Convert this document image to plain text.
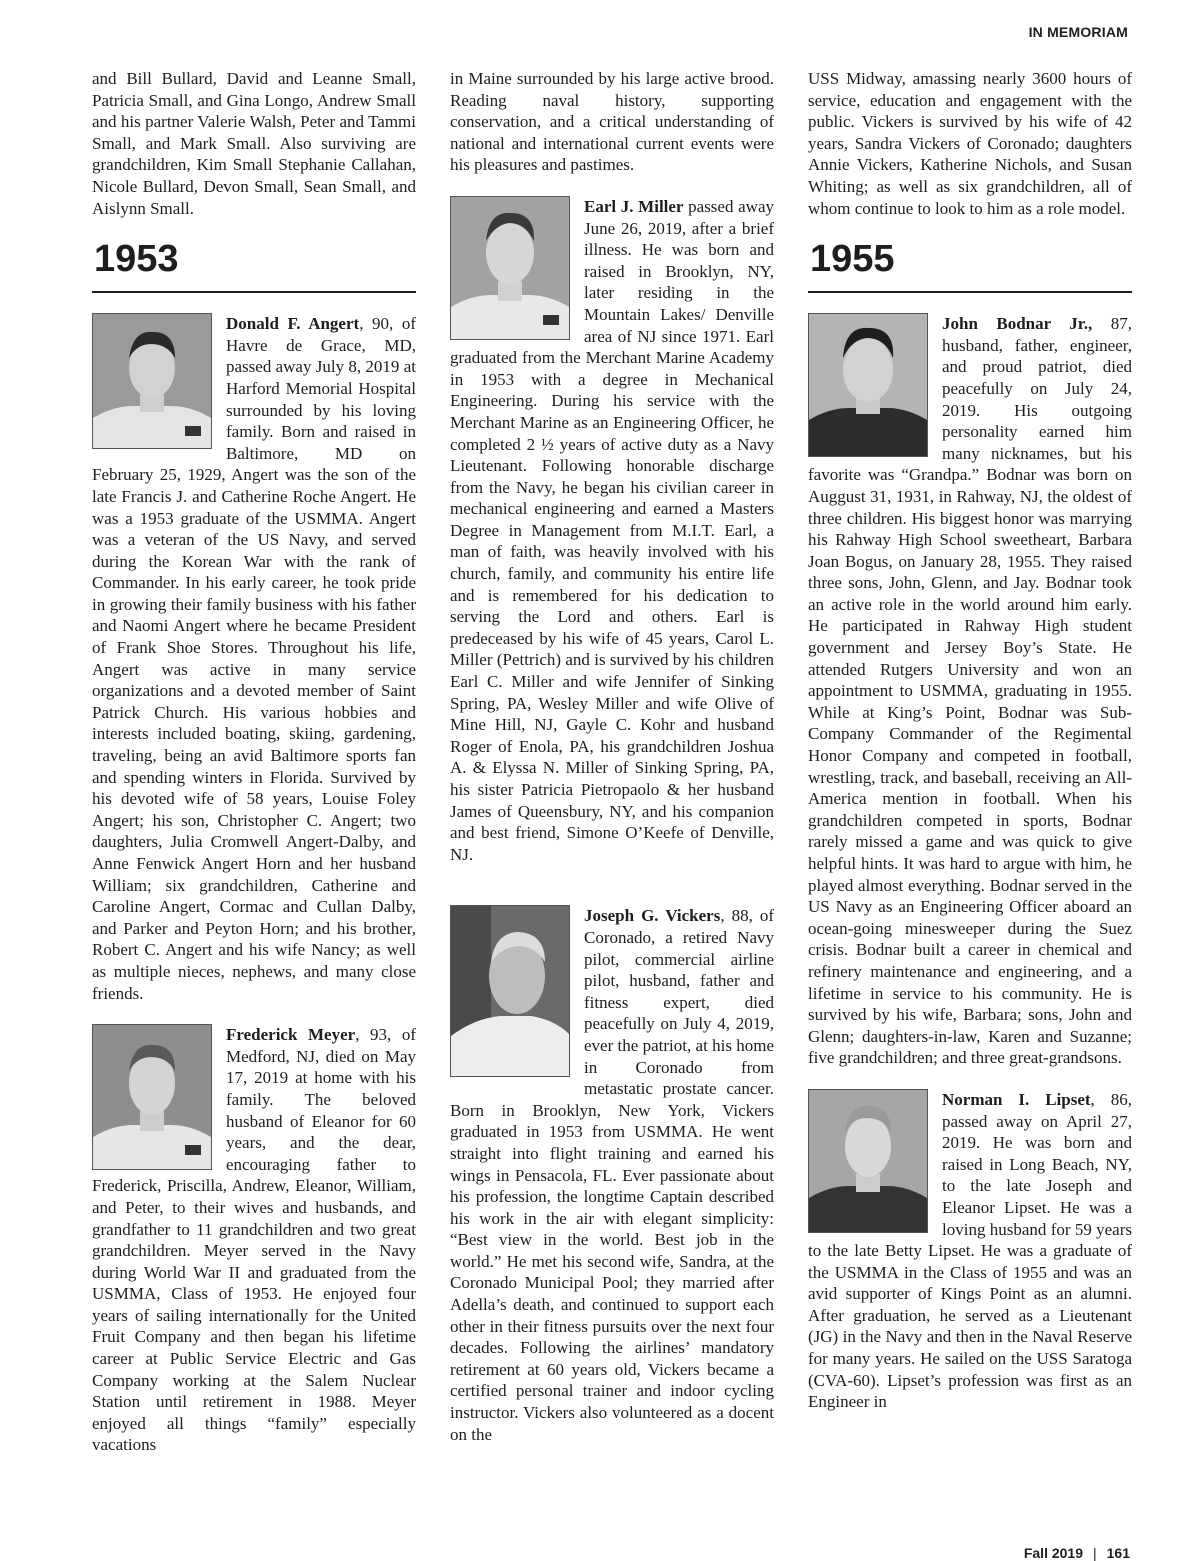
IN MEMORIAM

and Bill Bullard, David and Leanne Small, Patricia Small, and Gina Longo, Andrew Small and his partner Valerie Walsh, Peter and Tammi Small, and Mark Small. Also surviving are grandchildren, Kim Small Stephanie Callahan, Nicole Bullard, Devon Small, Sean Small, and Aislynn Small.

1953

Donald F. Angert, 90, of Havre de Grace, MD, passed away July 8, 2019 at Harford Memorial Hospital surrounded by his loving family. Born and raised in Baltimore, MD on February 25, 1929, Angert was the son of the late Francis J. and Catherine Roche Angert. He was a 1953 graduate of the USMMA. Angert was a veteran of the US Navy, and served during the Korean War with the rank of Commander. In his early career, he took pride in growing their family business with his father and Naomi Angert where he became President of Frank Shoe Stores. Throughout his life, Angert was active in many service organizations and a devoted member of Saint Patrick Church. His various hobbies and interests included boating, skiing, gardening, traveling, being an avid Baltimore sports fan and spending winters in Florida. Survived by his devoted wife of 58 years, Louise Foley Angert; his son, Christopher C. Angert; two daughters, Julia Cromwell Angert-Dalby, and Anne Fenwick Angert Horn and her husband William; six grandchildren, Catherine and Caroline Angert, Cormac and Cullan Dalby, and Parker and Peyton Horn; and his brother, Robert C. Angert and his wife Nancy; as well as multiple nieces, nephews, and many close friends.

Frederick Meyer, 93, of Medford, NJ, died on May 17, 2019 at home with his family. The beloved husband of Eleanor for 60 years, and the dear, encouraging father to Frederick, Priscilla, Andrew, Eleanor, William, and Peter, to their wives and husbands, and grandfather to 11 grandchildren and two great grandchildren. Meyer served in the Navy during World War II and graduated from the USMMA, Class of 1953. He enjoyed four years of sailing internationally for the United Fruit Company and then began his lifetime career at Public Service Electric and Gas Company working at the Salem Nuclear Station until retirement in 1988. Meyer enjoyed all things “family” especially vacations

in Maine surrounded by his large active brood. Reading naval history, supporting conservation, and a critical understanding of national and international current events were his pleasures and pastimes.

Earl J. Miller passed away June 26, 2019, after a brief illness. He was born and raised in Brooklyn, NY, later residing in the Mountain Lakes/ Denville area of NJ since 1971. Earl graduated from the Merchant Marine Academy in 1953 with a degree in Mechanical Engineering. During his service with the Merchant Marine as an Engineering Officer, he completed 2 ½ years of active duty as a Navy Lieutenant. Following honorable discharge from the Navy, he began his civilian career in mechanical engineering and earned a Masters Degree in Management from M.I.T. Earl, a man of faith, was heavily involved with his church, family, and community his entire life and is remembered for his dedication to serving the Lord and others. Earl is predeceased by his wife of 45 years, Carol L. Miller (Pettrich) and is survived by his children Earl C. Miller and wife Jennifer of Sinking Spring, PA, Wesley Miller and wife Olive of Mine Hill, NJ, Gayle C. Kohr and husband Roger of Enola, PA, his grandchildren Joshua A. & Elyssa N. Miller of Sinking Spring, PA, his sister Patricia Pietropaolo & her husband James of Queensbury, NY, and his companion and best friend, Simone O’Keefe of Denville, NJ.

Joseph G. Vickers, 88, of Coronado, a retired Navy pilot, commercial airline pilot, husband, father and fitness expert, died peacefully on July 4, 2019, ever the patriot, at his home in Coronado from metastatic prostate cancer. Born in Brooklyn, New York, Vickers graduated in 1953 from USMMA. He went straight into flight training and earned his wings in Pensacola, FL. Ever passionate about his profession, the longtime Captain described his work in the air with elegant simplicity: “Best view in the world. Best job in the world.” He met his second wife, Sandra, at the Coronado Municipal Pool; they married after Adella’s death, and continued to support each other in their fitness pursuits over the next four decades. Following the airlines’ mandatory retirement at 60 years old, Vickers became a certified personal trainer and indoor cycling instructor. Vickers also volunteered as a docent on the

USS Midway, amassing nearly 3600 hours of service, education and engagement with the public. Vickers is survived by his wife of 42 years, Sandra Vickers of Coronado; daughters Annie Vickers, Katherine Nichols, and Susan Whiting; as well as six grandchildren, all of whom continue to look to him as a role model.

1955

John Bodnar Jr., 87, husband, father, engineer, and proud patriot, died peacefully on July 24, 2019. His outgoing personality earned him many nicknames, but his favorite was “Grandpa.” Bodnar was born on Auggust 31, 1931, in Rahway, NJ, the oldest of three children. His biggest honor was marrying his Rahway High School sweetheart, Barbara Joan Bogus, on January 28, 1955. They raised three sons, John, Glenn, and Jay. Bodnar took an active role in the world around him early. He participated in Rahway High student government and Jersey Boy’s State. He attended Rutgers University and won an appointment to USMMA, graduating in 1955. While at King’s Point, Bodnar was Sub-Company Commander of the Regimental Honor Company and competed in football, wrestling, track, and baseball, receiving an All-America mention in football. When his grandchildren competed in sports, Bodnar rarely missed a game and was quick to give helpful hints. It was hard to argue with him, he played almost everything. Bodnar served in the US Navy as an Engineering Officer aboard an ocean-going minesweeper during the Suez crisis. Bodnar built a career in chemical and refinery maintenance and engineering, and a lifetime in service to his community. He is survived by his wife, Barbara; sons, John and Glenn; daughters-in-law, Karen and Suzanne; five grandchildren; and three great-grandsons.

Norman I. Lipset, 86, passed away on April 27, 2019. He was born and raised in Long Beach, NY, to the late Joseph and Eleanor Lipset. He was a loving husband for 59 years to the late Betty Lipset. He was a graduate of the USMMA in the Class of 1955 and was an avid supporter of Kings Point as an alumni. After graduation, he served as a Lieutenant (JG) in the Navy and then in the Naval Reserve for many years. He sailed on the USS Saratoga (CVA-60). Lipset’s profession was first as an Engineer in

Fall 2019 | 161
